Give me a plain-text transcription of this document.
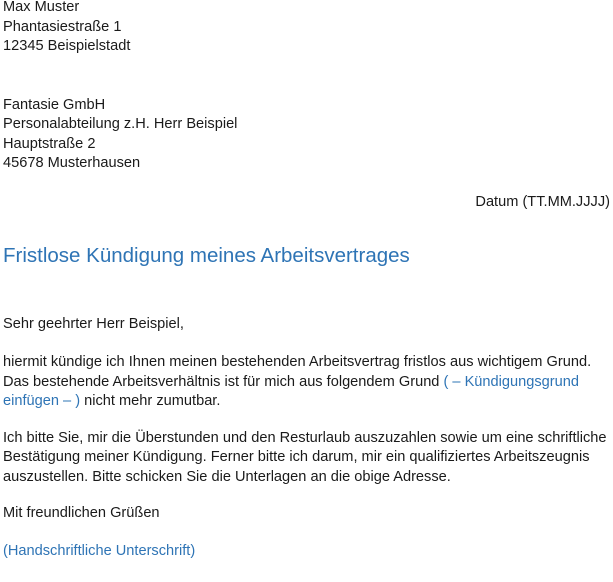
Max Muster
Phantasiestraße 1
12345 Beispielstadt
Fantasie GmbH
Personalabteilung z.H. Herr Beispiel
Hauptstraße 2
45678 Musterhausen
Datum (TT.MM.JJJJ)
Fristlose Kündigung meines Arbeitsvertrages
Sehr geehrter Herr Beispiel,
hiermit kündige ich Ihnen meinen bestehenden Arbeitsvertrag fristlos aus wichtigem Grund.
Das bestehende Arbeitsverhältnis ist für mich aus folgendem Grund ( – Kündigungsgrund
einfügen – ) nicht mehr zumutbar.
Ich bitte Sie, mir die Überstunden und den Resturlaub auszuzahlen sowie um eine schriftliche
Bestätigung meiner Kündigung. Ferner bitte ich darum, mir ein qualifiziertes Arbeitszeugnis
auszustellen. Bitte schicken Sie die Unterlagen an die obige Adresse.
Mit freundlichen Grüßen
(Handschriftliche Unterschrift)
